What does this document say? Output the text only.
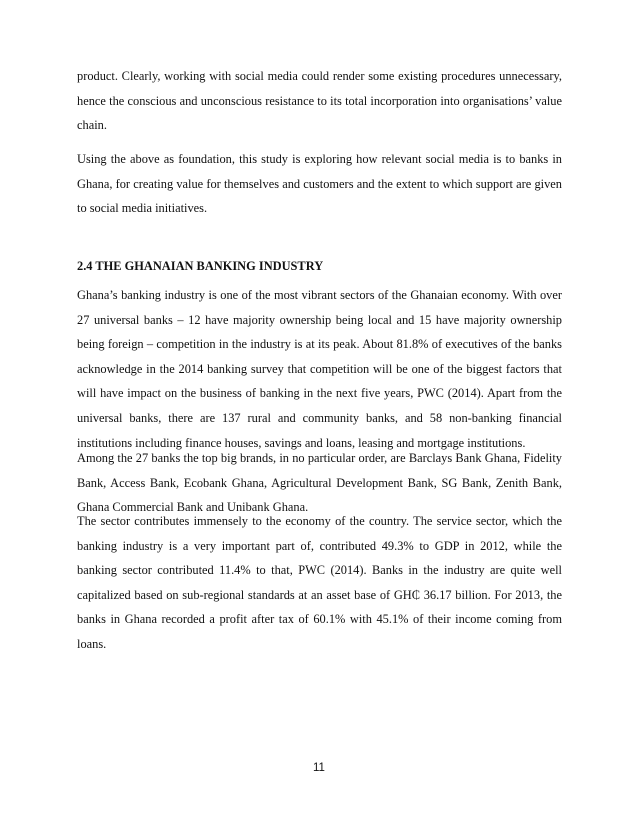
product. Clearly, working with social media could render some existing procedures unnecessary, hence the conscious and unconscious resistance to its total incorporation into organisations’ value chain.

Using the above as foundation, this study is exploring how relevant social media is to banks in Ghana, for creating value for themselves and customers and the extent to which support are given to social media initiatives.

2.4 THE GHANAIAN BANKING INDUSTRY

Ghana’s banking industry is one of the most vibrant sectors of the Ghanaian economy. With over 27 universal banks – 12 have majority ownership being local and 15 have majority ownership being foreign – competition in the industry is at its peak. About 81.8% of executives of the banks acknowledge in the 2014 banking survey that competition will be one of the biggest factors that will have impact on the business of banking in the next five years, PWC (2014). Apart from the universal banks, there are 137 rural and community banks, and 58 non-banking financial institutions including finance houses, savings and loans, leasing and mortgage institutions.

Among the 27 banks the top big brands, in no particular order, are Barclays Bank Ghana, Fidelity Bank, Access Bank, Ecobank Ghana, Agricultural Development Bank, SG Bank, Zenith Bank, Ghana Commercial Bank and Unibank Ghana.

The sector contributes immensely to the economy of the country. The service sector, which the banking industry is a very important part of, contributed 49.3% to GDP in 2012, while the banking sector contributed 11.4% to that, PWC (2014). Banks in the industry are quite well capitalized based on sub-regional standards at an asset base of GH₵ 36.17 billion. For 2013, the banks in Ghana recorded a profit after tax of 60.1% with 45.1% of their income coming from loans.

11
